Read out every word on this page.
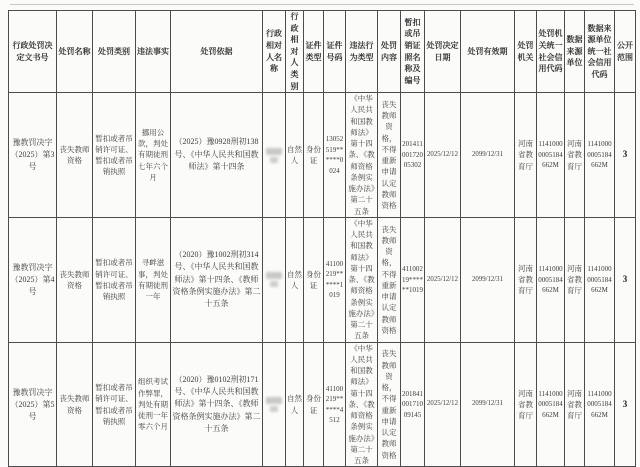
行政处罚决定文书号	处罚名称	处罚类别	违法事实	处罚依据	行政相对人名称	行政相对人类别	证件类型	证件号码	违法行为类型	处罚内容	暂扣或吊销证照名称及编号	处罚决定日期	处罚有效期	处罚机关	处罚机关统一社会信用代码	数据来源单位	数据来源单位统一社会信用代码	公开范围
豫教罚决字（2025）第3号	丧失教师资格	暂扣或者吊销许可证、暂扣或者吊销执照	挪用公款，判处有期徒刑七年六个月	（2025）豫0928刑初138号、《中华人民共和国教师法》第十四条		自然人	身份证	13052519******0024	《中华人民共和国教师法》第十四条、《教师资格条例实施办法》第二十五条	丧失教师资格，不得重新申请认定教师资格	20141100172005302	2025/12/12	2099/12/31	河南省教育厅	11410000005184662M	河南省教育厅	11410000005184662M	3
豫教罚决字（2025）第4号	丧失教师资格	暂扣或者吊销许可证、暂扣或者吊销执照	寻衅滋事，判处有期徒刑一年	（2020）豫1002刑初314号、《中华人民共和国教师法》第十四条、《教师资格条例实施办法》第二十五条		自然人	身份证	41100219******1019	《中华人民共和国教师法》第十四条、《教师资格条例实施办法》第二十五条	丧失教师资格，不得重新申请认定教师资格	41100219******1019	2025/12/12	2099/12/31	河南省教育厅	11410000005184662M	河南省教育厅	11410000005184662M	3
豫教罚决字（2025）第5号	丧失教师资格	暂扣或者吊销许可证、暂扣或者吊销执照	组织考试作弊罪，判处有期徒刑一年零六个月	（2020）豫0102刑初171号、《中华人民共和国教师法》第十四条、《教师资格条例实施办法》第二十五条		自然人	身份证	41100219******4512	《中华人民共和国教师法》第十四条、《教师资格条例实施办法》第二十五条	丧失教师资格，不得重新申请认定教师资格	20184100171009145	2025/12/12	2099/12/31	河南省教育厅	11410000005184662M	河南省教育厅	11410000005184662M	3
